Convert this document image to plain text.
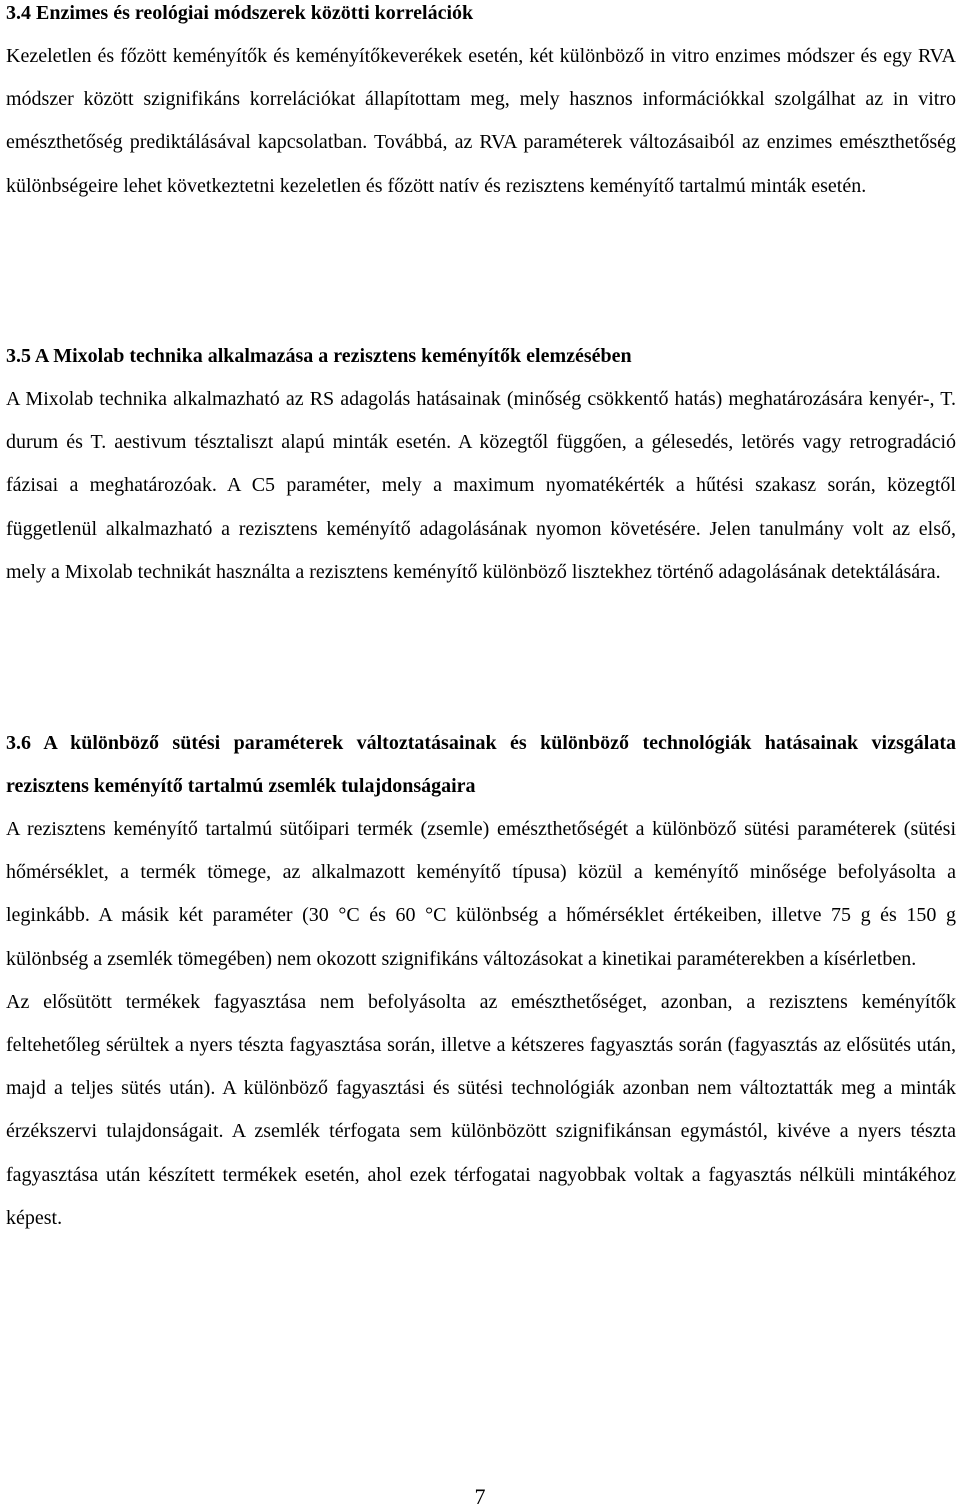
3.4 Enzimes és reológiai módszerek közötti korrelációk
Kezeletlen és főzött keményítők és keményítőkeverékek esetén, két különböző in vitro enzimes módszer és egy RVA módszer között szignifikáns korrelációkat állapítottam meg, mely hasznos információkkal szolgálhat az in vitro emészthetőség prediktálásával kapcsolatban. Továbbá, az RVA paraméterek változásaiból az enzimes emészthetőség különbségeire lehet következtetni kezeletlen és főzött natív és rezisztens keményítő tartalmú minták esetén.
3.5 A Mixolab technika alkalmazása a rezisztens keményítők elemzésében
A Mixolab technika alkalmazható az RS adagolás hatásainak (minőség csökkentő hatás) meghatározására kenyér-, T. durum és T. aestivum tésztaliszt alapú minták esetén. A közegtől függően, a gélesedés, letörés vagy retrogradáció fázisai a meghatározóak. A C5 paraméter, mely a maximum nyomatékérték a hűtési szakasz során, közegtől függetlenül alkalmazható a rezisztens keményítő adagolásának nyomon követésére. Jelen tanulmány volt az első, mely a Mixolab technikát használta a rezisztens keményítő különböző lisztekhez történő adagolásának detektálására.
3.6 A különböző sütési paraméterek változtatásainak és különböző technológiák hatásainak vizsgálata rezisztens keményítő tartalmú zsemlék tulajdonságaira
A rezisztens keményítő tartalmú sütőipari termék (zsemle) emészthetőségét a különböző sütési paraméterek (sütési hőmérséklet, a termék tömege, az alkalmazott keményítő típusa) közül a keményítő minősége befolyásolta a leginkább. A másik két paraméter (30 °C és 60 °C különbség a hőmérséklet értékeiben, illetve 75 g és 150 g különbség a zsemlék tömegében) nem okozott szignifikáns változásokat a kinetikai paraméterekben a kísérletben.
Az elősütött termékek fagyasztása nem befolyásolta az emészthetőséget, azonban, a rezisztens keményítők feltehetőleg sérültek a nyers tészta fagyasztása során, illetve a kétszeres fagyasztás során (fagyasztás az elősütés után, majd a teljes sütés után). A különböző fagyasztási és sütési technológiák azonban nem változtatták meg a minták érzékszervi tulajdonságait. A zsemlék térfogata sem különbözött szignifikánsan egymástól, kivéve a nyers tészta fagyasztása után készített termékek esetén, ahol ezek térfogatai nagyobbak voltak a fagyasztás nélküli mintákéhoz képest.
7
